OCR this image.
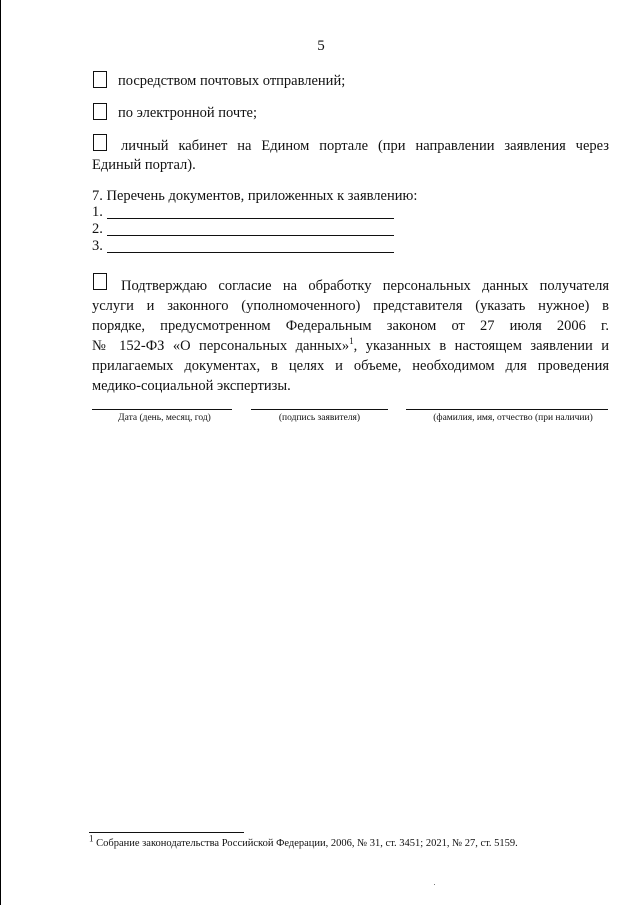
5
посредством почтовых отправлений;
по электронной почте;
личный кабинет на Едином портале (при направлении заявления через
Единый портал).
7. Перечень документов, приложенных к заявлению:
1.
2.
3.
Подтверждаю согласие на обработку персональных данных получателя
услуги и законного (уполномоченного) представителя (указать нужное) в
порядке, предусмотренном Федеральным законом от 27 июля 2006 г.
№ 152-ФЗ «О персональных данных»$^1$, указанных в настоящем заявлении и
прилагаемых документах, в целях и объеме, необходимом для проведения
медико-социальной экспертизы.
Дата (день, месяц, год)	(подпись заявителя)	(фамилия, имя, отчество (при наличии)
$^1$ Собрание законодательства Российской Федерации, 2006, № 31, ст. 3451; 2021, № 27, ст. 5159.
